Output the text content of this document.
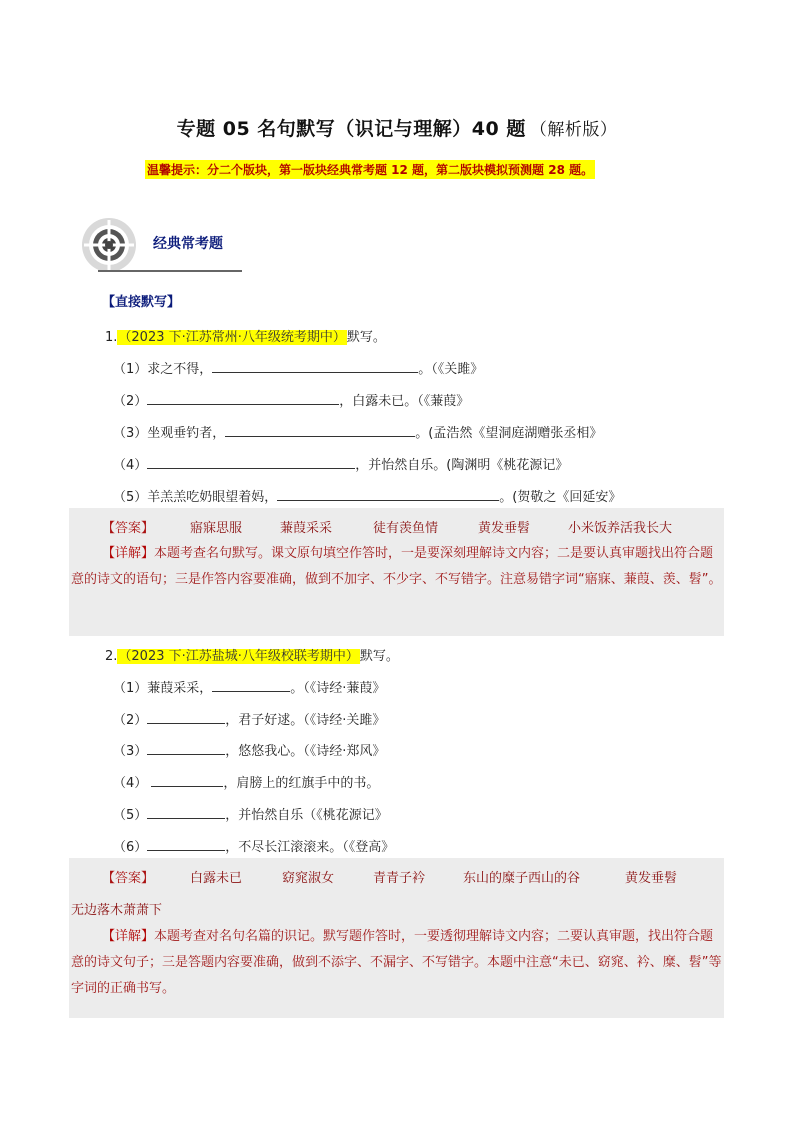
专题 05 名句默写（识记与理解）40 题 （解析版）
温馨提示：分二个版块，第一版块经典常考题 12 题，第二版块模拟预测题 28 题。
经典常考题
【直接默写】
1.（2023 下·江苏常州·八年级统考期中）默写。
（1）求之不得，	。（《关雎》
（2）	，白露未已。（《蒹葭》
（3）坐观垂钓者，	。(孟浩然《望洞庭湖赠张丞相》
（4）	，并怡然自乐。(陶渊明《桃花源记》
（5）羊羔羔吃奶眼望着妈，	。(贺敬之《回延安》
【答案】	寤寐思服	蒹葭采采	徒有羡鱼情	黄发垂髫	小米饭养活我长大
【详解】本题考查名句默写。课文原句填空作答时，一是要深刻理解诗文内容；二是要认真审题找出符合题意的诗文的语句；三是作答内容要准确，做到不加字、不少字、不写错字。注意易错字词“寤寐、蒹葭、羡、髫”。
2.（2023 下·江苏盐城·八年级校联考期中）默写。
（1）蒹葭采采，	。（《诗经·蒹葭》
（2）	，君子好逑。（《诗经·关雎》
（3）	，悠悠我心。（《诗经·郑风》
（4）	，肩膀上的红旗手中的书。
（5）	，并怡然自乐（《桃花源记》
（6）	，不尽长江滚滚来。（《登高》
【答案】	白露未已	窈窕淑女	青青子衿	东山的糜子西山的谷	黄发垂髫
无边落木萧萧下
【详解】本题考查对名句名篇的识记。默写题作答时，一要透彻理解诗文内容；二要认真审题，找出符合题意的诗文句子；三是答题内容要准确，做到不添字、不漏字、不写错字。本题中注意“未已、窈窕、衿、糜、髫”等字词的正确书写。
